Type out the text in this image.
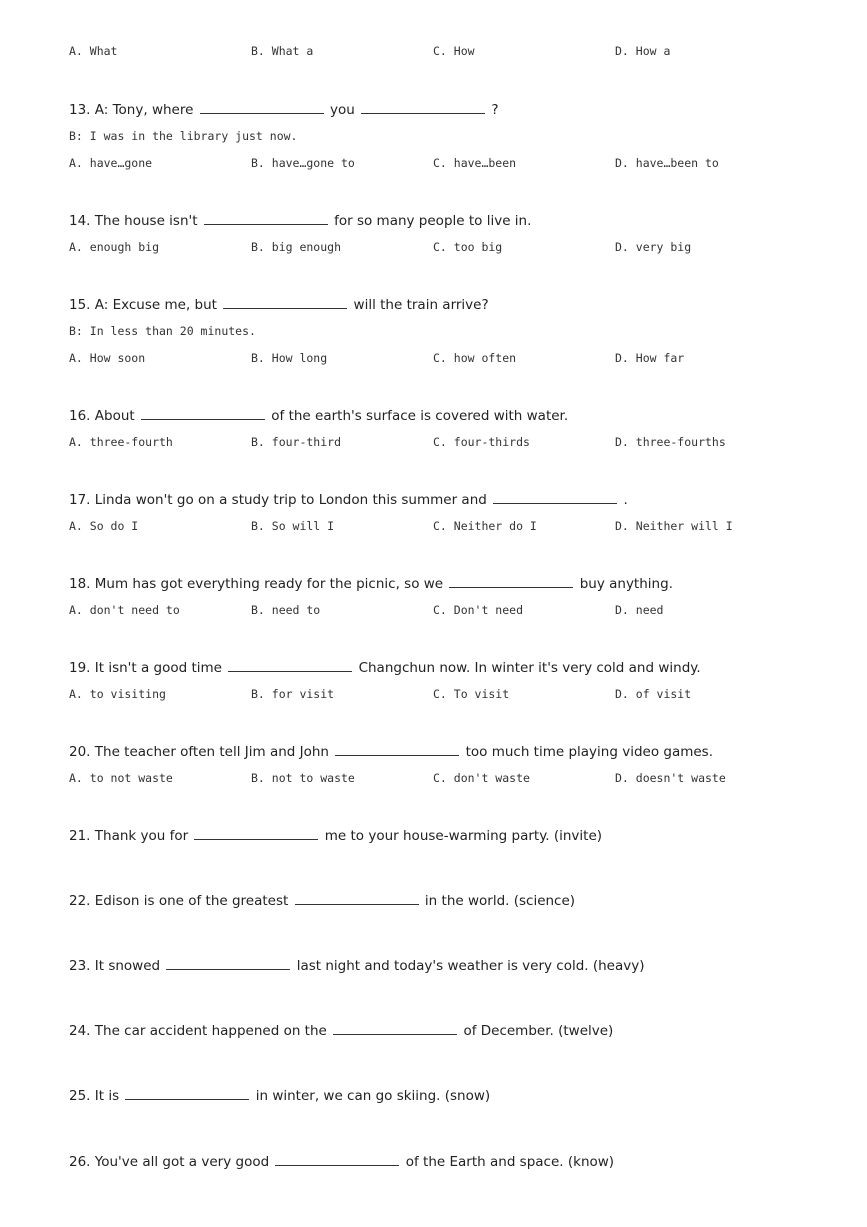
A. What	B. What a	C. How	D. How a
13. A: Tony, where	you	?
B: I was in the library just now.
A. have…gone	B. have…gone to	C. have…been	D. have…been to
14. The house isn't	for so many people to live in.
A. enough big	B. big enough	C. too big	D. very big
15. A: Excuse me, but	will the train arrive?
B: In less than 20 minutes.
A. How soon	B. How long	C. how often	D. How far
16. About	of the earth's surface is covered with water.
A. three-fourth	B. four-third	C. four-thirds	D. three-fourths
17. Linda won't go on a study trip to London this summer and	.
A. So do I	B. So will I	C. Neither do I	D. Neither will I
18. Mum has got everything ready for the picnic, so we	buy anything.
A. don't need to	B. need to	C. Don't need	D. need
19. It isn't a good time	Changchun now. In winter it's very cold and windy.
A. to visiting	B. for visit	C. To visit	D. of visit
20. The teacher often tell Jim and John	too much time playing video games.
A. to not waste	B. not to waste	C. don't waste	D. doesn't waste
21. Thank you for	me to your house-warming party. (invite)
22. Edison is one of the greatest	in the world. (science)
23. It snowed	last night and today's weather is very cold. (heavy)
24. The car accident happened on the	of December. (twelve)
25. It is	in winter, we can go skiing. (snow)
26. You've all got a very good	of the Earth and space. (know)
